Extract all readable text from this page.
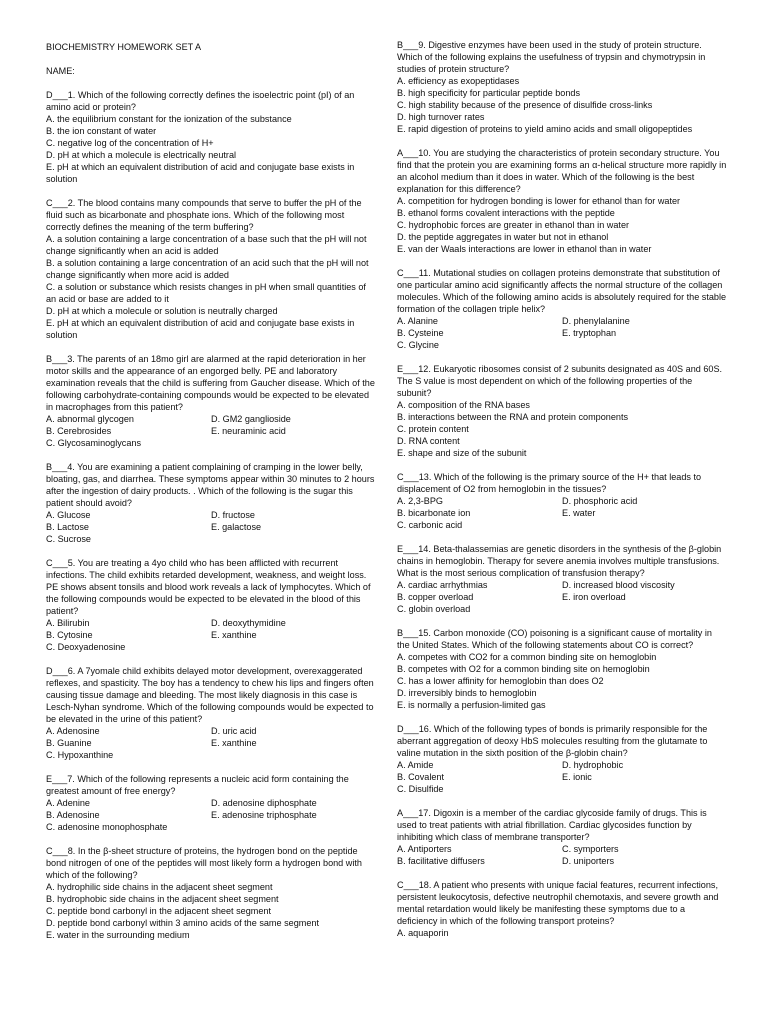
BIOCHEMISTRY HOMEWORK SET A
NAME:
D___1. Which of the following correctly defines the isoelectric point (pI) of an amino acid or protein?
A. the equilibrium constant for the ionization of the substance
B. the ion constant of water
C. negative log of the concentration of H+
D. pH at which a molecule is electrically neutral
E. pH at which an equivalent distribution of acid and conjugate base exists in solution
C___2. The blood contains many compounds that serve to buffer the pH of the fluid such as bicarbonate and phosphate ions. Which of the following most correctly defines the meaning of the term buffering?
A. a solution containing a large concentration of a base such that the pH will not change significantly when an acid is added
B. a solution containing a large concentration of an acid such that the pH will not change significantly when more acid is added
C. a solution or substance which resists changes in pH when small quantities of an acid or base are added to it
D. pH at which a molecule or solution is neutrally charged
E. pH at which an equivalent distribution of acid and conjugate base exists in solution
B___3. The parents of an 18mo girl are alarmed at the rapid deterioration in her motor skills and the appearance of an engorged belly. PE and laboratory examination reveals that the child is suffering from Gaucher disease. Which of the following carbohydrate-containing compounds would be expected to be elevated in macrophages from this patient?
A. abnormal glycogen	D. GM2 ganglioside
B. Cerebrosides	E. neuraminic acid
C. Glycosaminoglycans
B___4. You are examining a patient complaining of cramping in the lower belly, bloating, gas, and diarrhea. These symptoms appear within 30 minutes to 2 hours after the ingestion of dairy products. . Which of the following is the sugar this patient should avoid?
A. Glucose	D. fructose
B. Lactose	E. galactose
C. Sucrose
C___5. You are treating a 4yo child who has been afflicted with recurrent infections. The child exhibits retarded development, weakness, and weight loss. PE shows absent tonsils and blood work reveals a lack of lymphocytes. Which of the following compounds would be expected to be elevated in the blood of this patient?
A. Bilirubin	D. deoxythymidine
B. Cytosine	E. xanthine
C. Deoxyadenosine
D___6. A 7yomale child exhibits delayed motor development, overexaggerated reflexes, and spasticity. The boy has a tendency to chew his lips and fingers often causing tissue damage and bleeding. The most likely diagnosis in this case is Lesch-Nyhan syndrome. Which of the following compounds would be expected to be elevated in the urine of this patient?
A. Adenosine	D. uric acid
B. Guanine	E. xanthine
C. Hypoxanthine
E___7. Which of the following represents a nucleic acid form containing the greatest amount of free energy?
A. Adenine	D. adenosine diphosphate
B. Adenosine	E. adenosine triphosphate
C. adenosine monophosphate
C___8. In the β-sheet structure of proteins, the hydrogen bond on the peptide bond nitrogen of one of the peptides will most likely form a hydrogen bond with which of the following?
A. hydrophilic side chains in the adjacent sheet segment
B. hydrophobic side chains in the adjacent sheet segment
C. peptide bond carbonyl in the adjacent sheet segment
D. peptide bond carbonyl within 3 amino acids of the same segment
E. water in the surrounding medium
B___9. Digestive enzymes have been used in the study of protein structure. Which of the following explains the usefulness of trypsin and chymotrypsin in studies of protein structure?
A. efficiency as exopeptidases
B. high specificity for particular peptide bonds
C. high stability because of the presence of disulfide cross-links
D. high turnover rates
E. rapid digestion of proteins to yield amino acids and small oligopeptides
A___10. You are studying the characteristics of protein secondary structure. You find that the protein you are examining forms an α-helical structure more rapidly in an alcohol medium than it does in water. Which of the following is the best explanation for this difference?
A. competition for hydrogen bonding is lower for ethanol than for water
B. ethanol forms covalent interactions with the peptide
C. hydrophobic forces are greater in ethanol than in water
D. the peptide aggregates in water but not in ethanol
E. van der Waals interactions are lower in ethanol than in water
C___11. Mutational studies on collagen proteins demonstrate that substitution of one particular amino acid significantly affects the normal structure of the collagen molecules. Which of the following amino acids is absolutely required for the stable formation of the collagen triple helix?
A. Alanine	D. phenylalanine
B. Cysteine	E. tryptophan
C. Glycine
E___12. Eukaryotic ribosomes consist of 2 subunits designated as 40S and 60S. The S value is most dependent on which of the following properties of the subunit?
A. composition of the RNA bases
B. interactions between the RNA and protein components
C. protein content
D. RNA content
E. shape and size of the subunit
C___13. Which of the following is the primary source of the H+ that leads to displacement of O2 from hemoglobin in the tissues?
A. 2,3-BPG	D. phosphoric acid
B. bicarbonate ion	E. water
C. carbonic acid
E___14. Beta-thalassemias are genetic disorders in the synthesis of the β-globin chains in hemoglobin. Therapy for severe anemia involves multiple transfusions. What is the most serious complication of transfusion therapy?
A. cardiac arrhythmias	D. increased blood viscosity
B. copper overload	E. iron overload
C. globin overload
B___15. Carbon monoxide (CO) poisoning is a significant cause of mortality in the United States. Which of the following statements about CO is correct?
A. competes with CO2 for a common binding site on hemoglobin
B. competes with O2 for a common binding site on hemoglobin
C. has a lower affinity for hemoglobin than does O2
D. irreversibly binds to hemoglobin
E. is normally a perfusion-limited gas
D___16. Which of the following types of bonds is primarily responsible for the aberrant aggregation of deoxy HbS molecules resulting from the glutamate to valine mutation in the sixth position of the β-globin chain?
A. Amide	D. hydrophobic
B. Covalent	E. ionic
C. Disulfide
A___17. Digoxin is a member of the cardiac glycoside family of drugs. This is used to treat patients with atrial fibrillation. Cardiac glycosides function by inhibiting which class of membrane transporter?
A. Antiporters	C. symporters
B. facilitative diffusers	D. uniporters
C___18. A patient who presents with unique facial features, recurrent infections, persistent leukocytosis, defective neutrophil chemotaxis, and severe growth and mental retardation would likely be manifesting these symptoms due to a deficiency in which of the following transport proteins?
A. aquaporin
